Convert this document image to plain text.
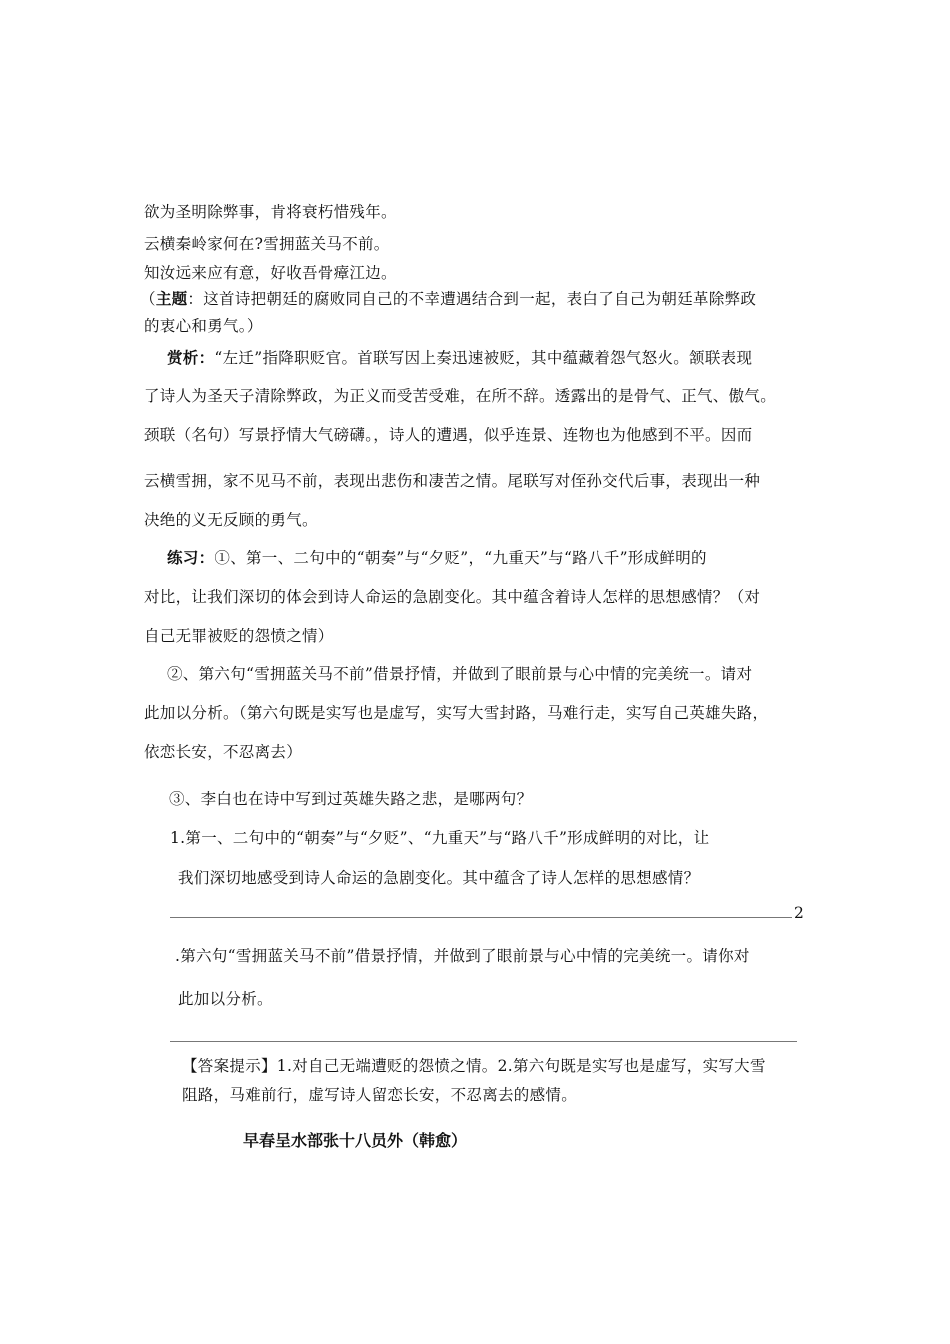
欲为圣明除弊事，肯将衰朽惜残年。
云横秦岭家何在?雪拥蓝关马不前。
知汝远来应有意，好收吾骨瘴江边。
（主题：这首诗把朝廷的腐败同自己的不幸遭遇结合到一起，表白了自己为朝廷革除弊政
的衷心和勇气。）
赏析：“左迁”指降职贬官。首联写因上奏迅速被贬，其中蕴藏着怨气怒火。颔联表现
了诗人为圣天子清除弊政，为正义而受苦受难，在所不辞。透露出的是骨气、正气、傲气。
颈联（名句）写景抒情大气磅礴。，诗人的遭遇，似乎连景、连物也为他感到不平。因而
云横雪拥，家不见马不前，表现出悲伤和凄苦之情。尾联写对侄孙交代后事，表现出一种
决绝的义无反顾的勇气。
练习：①、第一、二句中的“朝奏”与“夕贬”，“九重天”与“路八千”形成鲜明的
对比，让我们深切的体会到诗人命运的急剧变化。其中蕴含着诗人怎样的思想感情？（对
自己无罪被贬的怨愤之情）
②、第六句“雪拥蓝关马不前”借景抒情，并做到了眼前景与心中情的完美统一。请对
此加以分析。（第六句既是实写也是虚写，实写大雪封路，马难行走，实写自己英雄失路，
依恋长安，不忍离去）
③、李白也在诗中写到过英雄失路之悲，是哪两句？
1.第一、二句中的“朝奏”与“夕贬”、“九重天”与“路八千”形成鲜明的对比，让
我们深切地感受到诗人命运的急剧变化。其中蕴含了诗人怎样的思想感情？
2
.第六句“雪拥蓝关马不前”借景抒情，并做到了眼前景与心中情的完美统一。请你对
此加以分析。
【答案提示】1.对自己无端遭贬的怨愤之情。2.第六句既是实写也是虚写，实写大雪
阻路，马难前行，虚写诗人留恋长安，不忍离去的感情。
早春呈水部张十八员外（韩愈）
